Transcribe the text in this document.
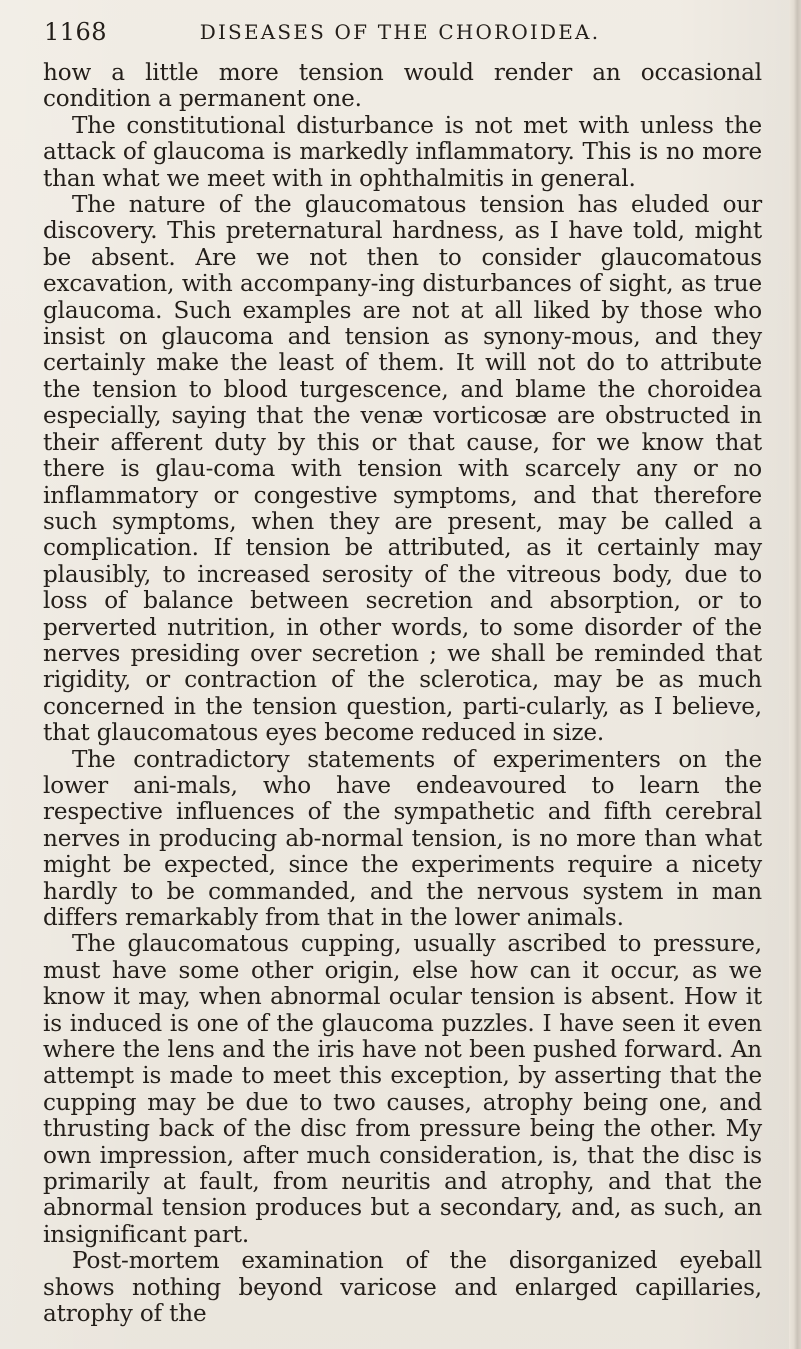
1168	DISEASES OF THE CHOROIDEA.

how a little more tension would render an occasional condition a permanent one.

The constitutional disturbance is not met with unless the attack of glaucoma is markedly inflammatory. This is no more than what we meet with in ophthalmitis in general.

The nature of the glaucomatous tension has eluded our discovery. This preternatural hardness, as I have told, might be absent. Are we not then to consider glaucomatous excavation, with accompany-ing disturbances of sight, as true glaucoma. Such examples are not at all liked by those who insist on glaucoma and tension as synony-mous, and they certainly make the least of them. It will not do to attribute the tension to blood turgescence, and blame the choroidea especially, saying that the venæ vorticosæ are obstructed in their afferent duty by this or that cause, for we know that there is glau-coma with tension with scarcely any or no inflammatory or congestive symptoms, and that therefore such symptoms, when they are present, may be called a complication. If tension be attributed, as it certainly may plausibly, to increased serosity of the vitreous body, due to loss of balance between secretion and absorption, or to perverted nutrition, in other words, to some disorder of the nerves presiding over secretion ; we shall be reminded that rigidity, or contraction of the sclerotica, may be as much concerned in the tension question, parti-cularly, as I believe, that glaucomatous eyes become reduced in size.

The contradictory statements of experimenters on the lower ani-mals, who have endeavoured to learn the respective influences of the sympathetic and fifth cerebral nerves in producing ab-normal tension, is no more than what might be expected, since the experiments require a nicety hardly to be commanded, and the nervous system in man differs remarkably from that in the lower animals.

The glaucomatous cupping, usually ascribed to pressure, must have some other origin, else how can it occur, as we know it may, when abnormal ocular tension is absent. How it is induced is one of the glaucoma puzzles. I have seen it even where the lens and the iris have not been pushed forward. An attempt is made to meet this exception, by asserting that the cupping may be due to two causes, atrophy being one, and thrusting back of the disc from pressure being the other. My own impression, after much consideration, is, that the disc is primarily at fault, from neuritis and atrophy, and that the abnormal tension produces but a secondary, and, as such, an insignificant part.

Post-mortem examination of the disorganized eyeball shows nothing beyond varicose and enlarged capillaries, atrophy of the
